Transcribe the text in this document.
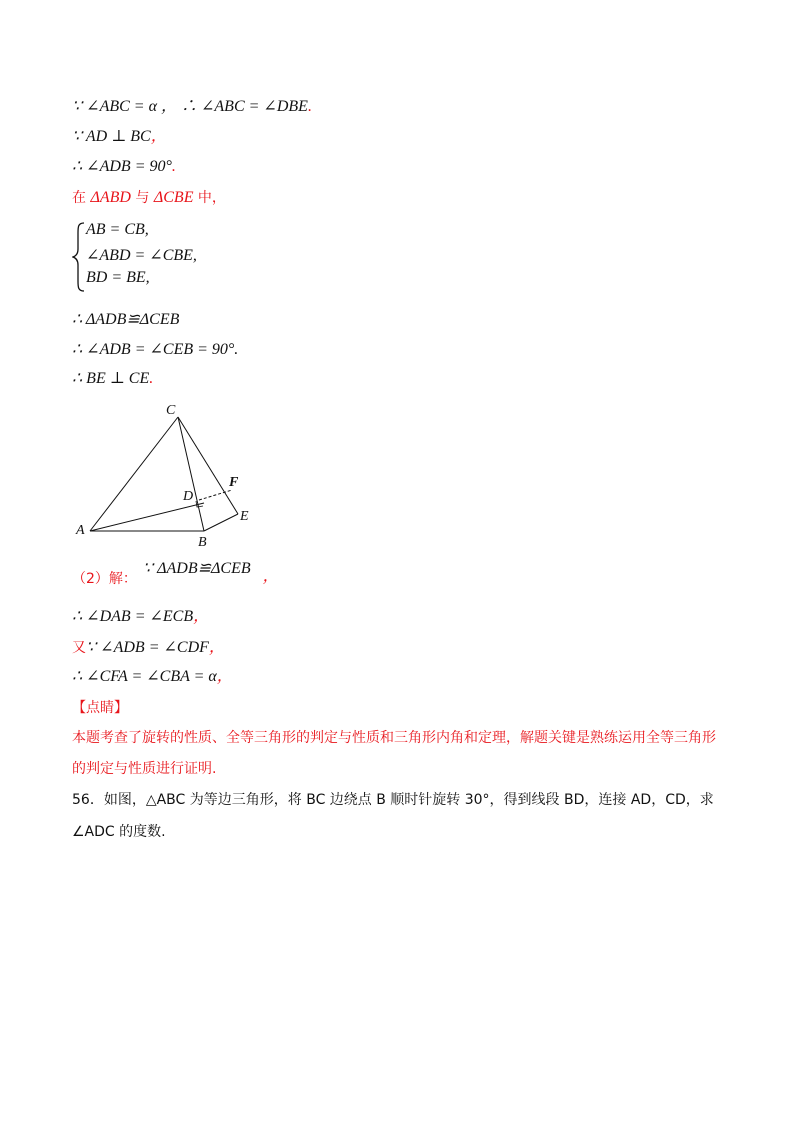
∵ ∠ABC = α ， ∴ ∠ABC = ∠DBE.
∵ AD ⊥ BC，
∴ ∠ADB = 90°.
在 ΔABD 与 ΔCBE 中，
AB = CB,
∠ABD = ∠CBE,
BD = BE,
∴ ΔADB≌ΔCEB
∴ ∠ADB = ∠CEB = 90°.
∴ BE ⊥ CE.
C
D
F
E
A
B
（2）解：∵ ΔADB≌ΔCEB ，
∴ ∠DAB = ∠ECB，
又∵ ∠ADB = ∠CDF，
∴ ∠CFA = ∠CBA = α，
【点睛】
本题考查了旋转的性质、全等三角形的判定与性质和三角形内角和定理，解题关键是熟练运用全等三角形
的判定与性质进行证明.
56．如图，△ABC 为等边三角形，将 BC 边绕点 B 顺时针旋转 30°，得到线段 BD，连接 AD，CD，求
∠ADC 的度数.
